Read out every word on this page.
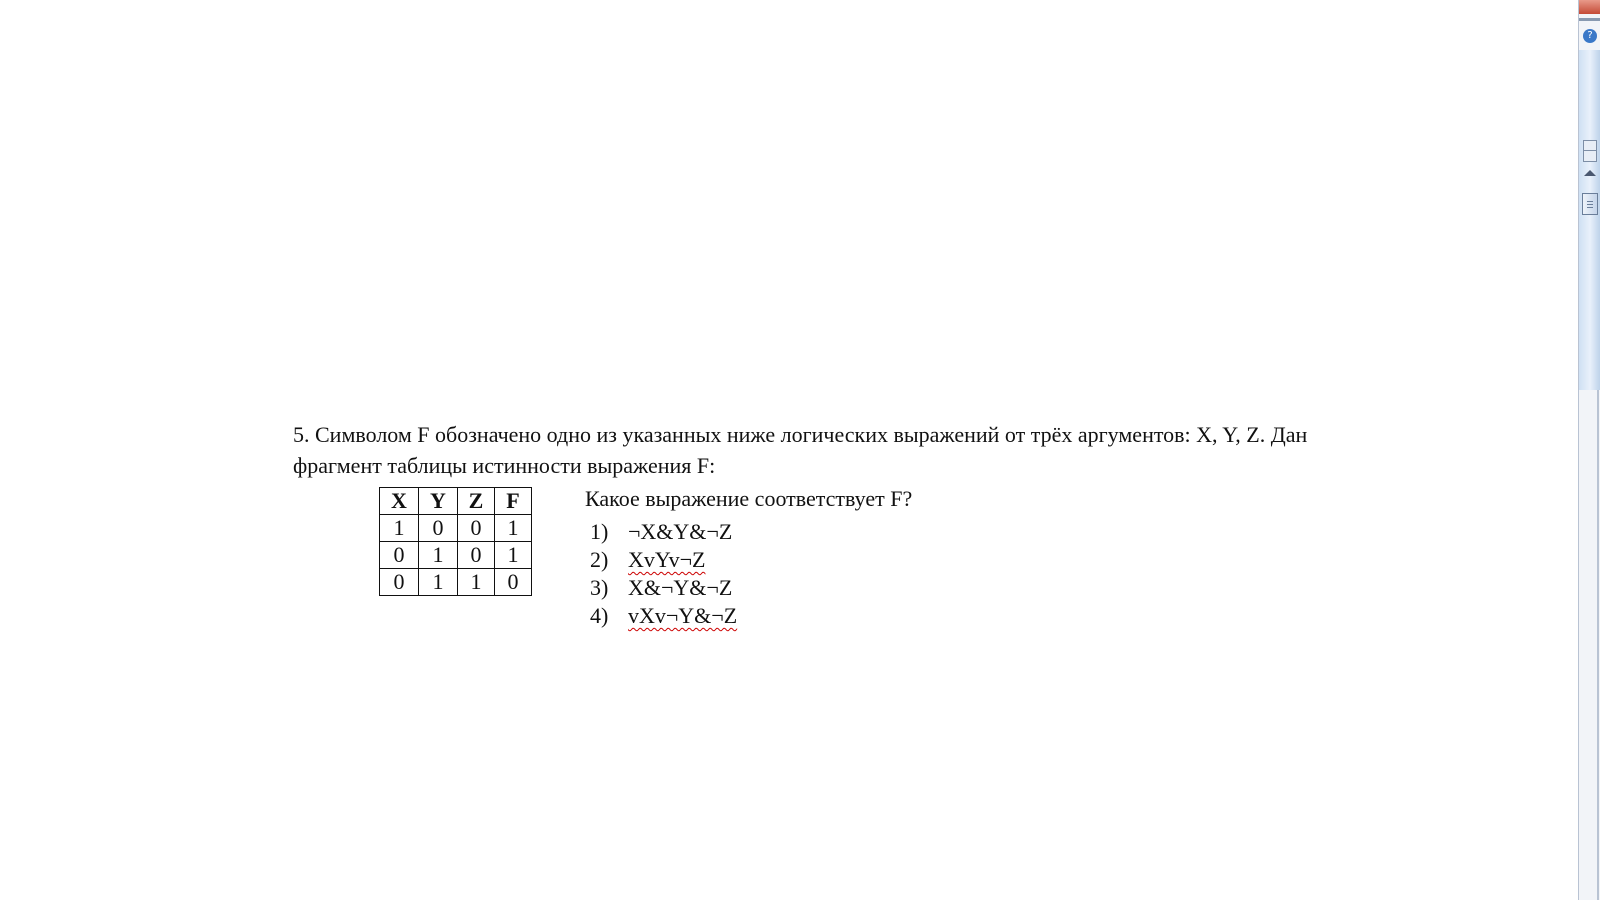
5. Символом F обозначено одно из указанных ниже логических выражений от трёх аргументов: X, Y, Z. Дан фрагмент таблицы истинности выражения F:
X	Y	Z	F
1	0	0	1
0	1	0	1
0	1	1	0
Какое выражение соответствует F?
1) ¬X&Y&¬Z
2) XvYv¬Z
3) X&¬Y&¬Z
4) vXv¬Y&¬Z
?
